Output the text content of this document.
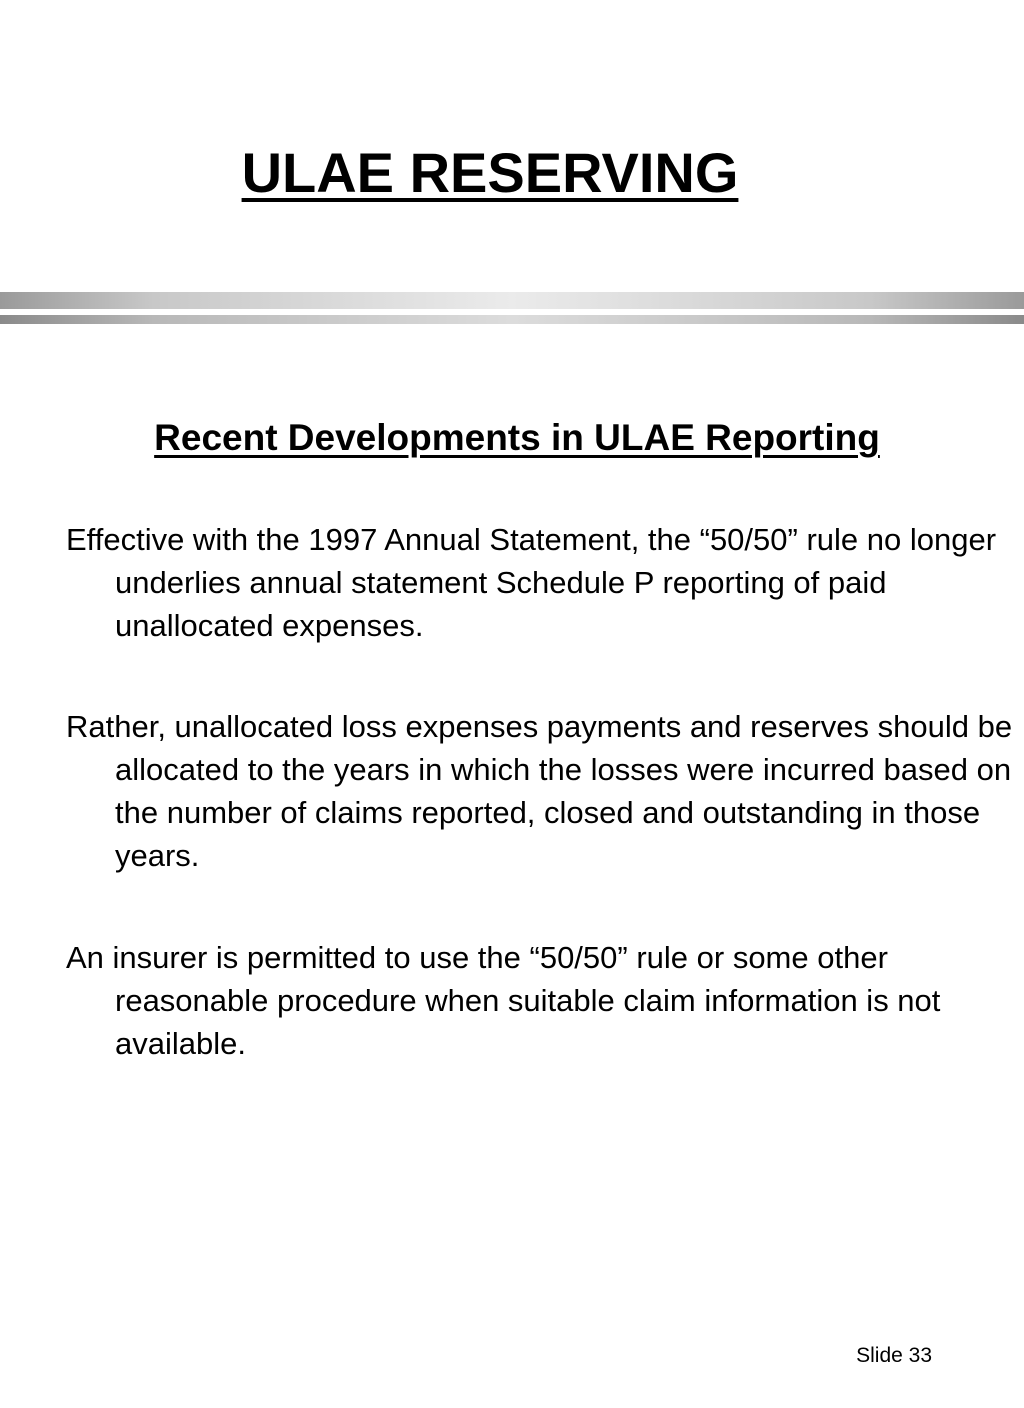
ULAE RESERVING
Recent Developments in ULAE Reporting

Effective with the 1997 Annual Statement, the “50/50” rule no longer underlies annual statement Schedule P reporting of paid unallocated expenses.

Rather, unallocated loss expenses payments and reserves should be allocated to the years in which the losses were incurred based on the number of claims reported, closed and outstanding in those years.

An insurer is permitted to use the “50/50” rule or some other reasonable procedure when suitable claim information is not available.

Slide 33
